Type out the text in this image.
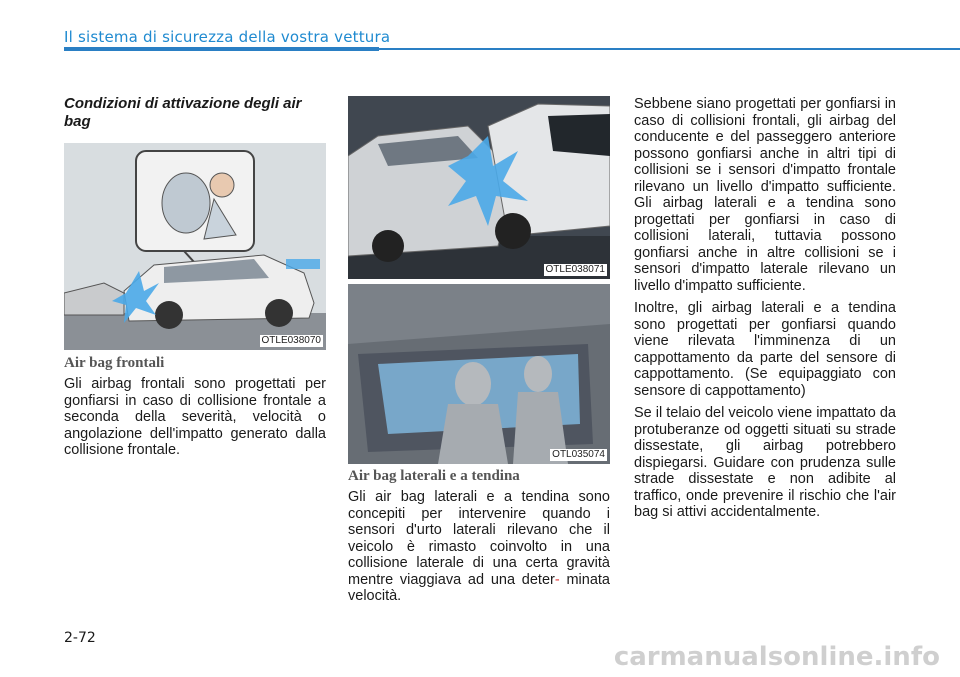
Il sistema di sicurezza della vostra vettura
Condizioni di attivazione degli air bag
OTLE038070
Air bag frontali

Gli airbag frontali sono progettati per gonfiarsi in caso di collisione frontale a seconda della severità, velocità o angolazione dell'impatto generato dalla collisione frontale.

OTLE038071
OTL035074
Air bag laterali e a tendina

Gli air bag laterali e a tendina sono concepiti per intervenire quando i sensori d'urto laterali rilevano che il veicolo è rimasto coinvolto in una collisione laterale di una certa gravità mentre viaggiava ad una deter- minata velocità.

Sebbene siano progettati per gonfiarsi in caso di collisioni frontali, gli airbag del conducente e del passeggero anteriore possono gonfiarsi anche in altri tipi di collisioni se i sensori d'impatto frontale rilevano un livello d'impatto sufficiente. Gli airbag laterali e a tendina sono progettati per gonfiarsi in caso di collisioni laterali, tuttavia possono gonfiarsi anche in altre collisioni se i sensori d'impatto laterale rilevano un livello d'impatto sufficiente.

Inoltre, gli airbag laterali e a tendina sono progettati per gonfiarsi quando viene rilevata l'imminenza di un cappottamento da parte del sensore di cappottamento. (Se equipaggiato con sensore di cappottamento)

Se il telaio del veicolo viene impattato da protuberanze od oggetti situati su strade dissestate, gli airbag potrebbero dispiegarsi. Guidare con prudenza sulle strade dissestate e non adibite al traffico, onde prevenire il rischio che l'air bag si attivi accidentalmente.

2-72
carmanualsonline.info
